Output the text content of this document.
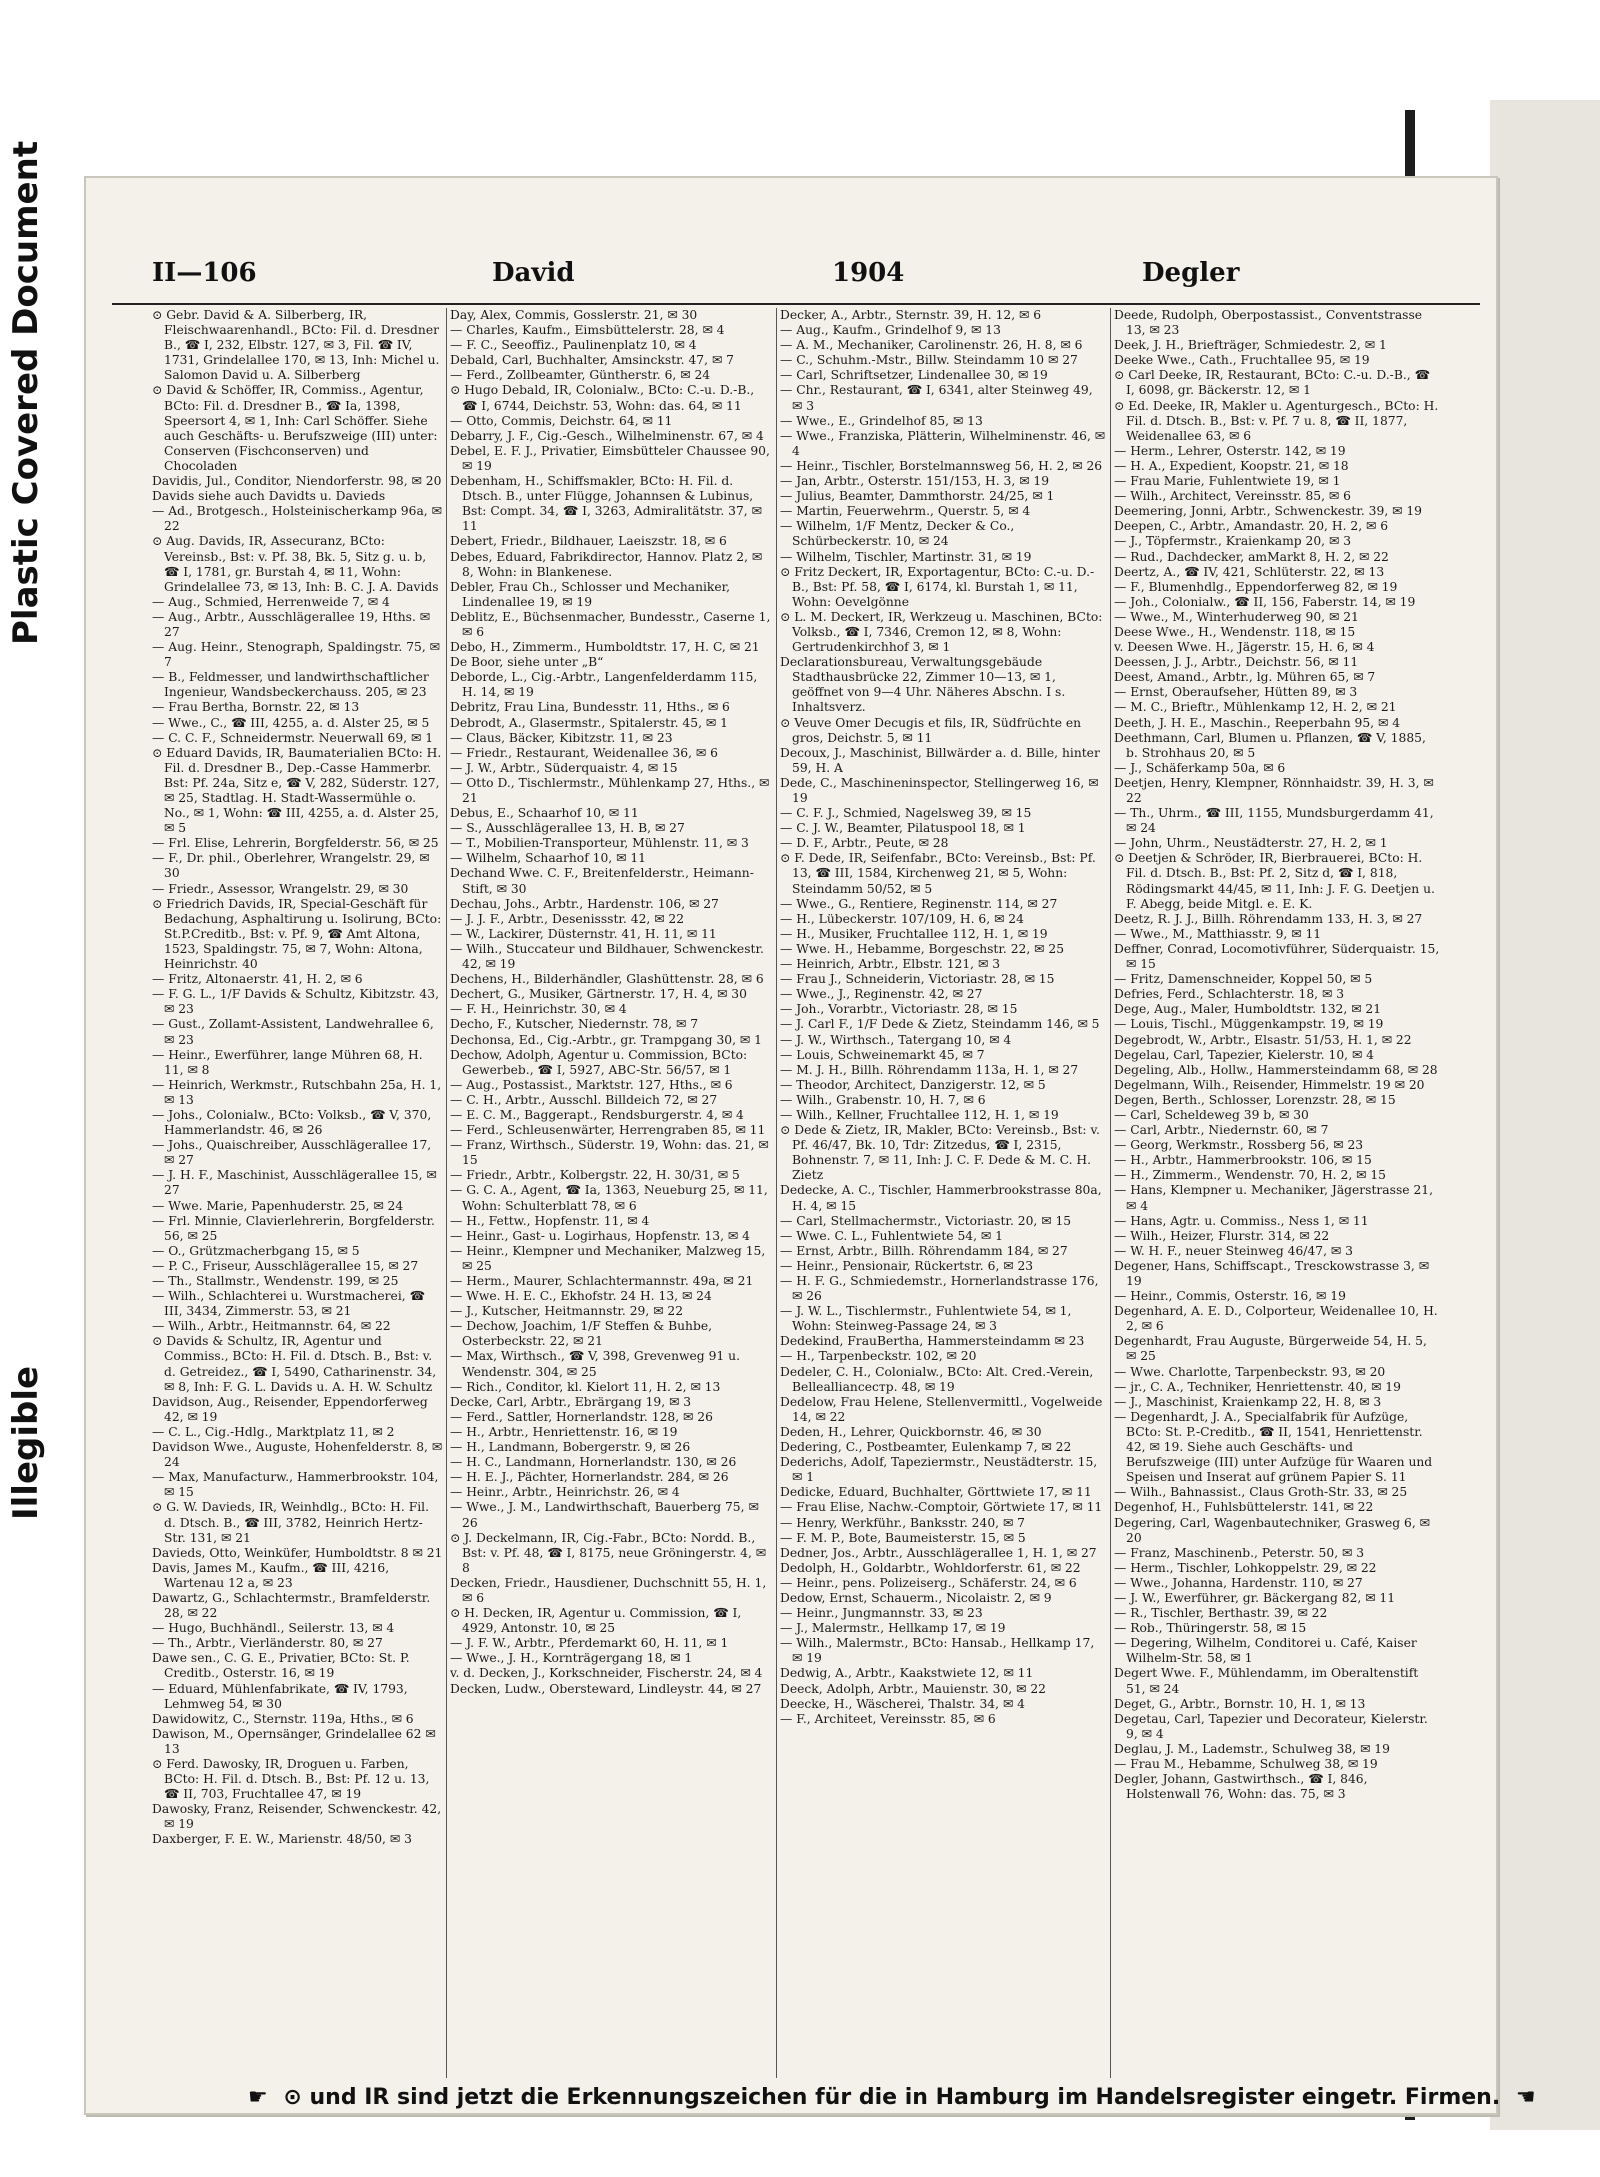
Plastic Covered Document
Illegible
II—106	David	1904	Degler

⊙ Gebr. David & A. Silberberg, IR, Fleischwaarenhandl., BCto: Fil. d. Dresdner B., ☎ I, 232, Elbstr. 127, ✉ 3, Fil. ☎ IV, 1731, Grindelallee 170, ✉ 13, Inh: Michel u. Salomon David u. A. Silberberg

⊙ David & Schöffer, IR, Commiss., Agentur, BCto: Fil. d. Dresdner B., ☎ Ia, 1398, Speersort 4, ✉ 1, Inh: Carl Schöffer. Siehe auch Geschäfts- u. Berufszweige (III) unter: Conserven (Fischconserven) und Chocoladen

Davidis, Jul., Conditor, Niendorferstr. 98, ✉ 20

Davids siehe auch Davidts u. Davieds

— Ad., Brotgesch., Holsteinischerkamp 96a, ✉ 22

⊙ Aug. Davids, IR, Assecuranz, BCto: Vereinsb., Bst: v. Pf. 38, Bk. 5, Sitz g. u. b, ☎ I, 1781, gr. Burstah 4, ✉ 11, Wohn: Grindelallee 73, ✉ 13, Inh: B. C. J. A. Davids

— Aug., Schmied, Herrenweide 7, ✉ 4

— Aug., Arbtr., Ausschlägerallee 19, Hths. ✉ 27

— Aug. Heinr., Stenograph, Spaldingstr. 75, ✉ 7

— B., Feldmesser, und landwirthschaftlicher Ingenieur, Wandsbeckerchauss. 205, ✉ 23

— Frau Bertha, Bornstr. 22, ✉ 13

— Wwe., C., ☎ III, 4255, a. d. Alster 25, ✉ 5

— C. C. F., Schneidermstr. Neuerwall 69, ✉ 1

⊙ Eduard Davids, IR, Baumaterialien BCto: H. Fil. d. Dresdner B., Dep.-Casse Hammerbr. Bst: Pf. 24a, Sitz e, ☎ V, 282, Süderstr. 127, ✉ 25, Stadtlag. H. Stadt-Wassermühle o. No., ✉ 1, Wohn: ☎ III, 4255, a. d. Alster 25, ✉ 5

— Frl. Elise, Lehrerin, Borgfelderstr. 56, ✉ 25

— F., Dr. phil., Oberlehrer, Wrangelstr. 29, ✉ 30

— Friedr., Assessor, Wrangelstr. 29, ✉ 30

⊙ Friedrich Davids, IR, Special-Geschäft für Bedachung, Asphaltirung u. Isolirung, BCto: St.P.Creditb., Bst: v. Pf. 9, ☎ Amt Altona, 1523, Spaldingstr. 75, ✉ 7, Wohn: Altona, Heinrichstr. 40

— Fritz, Altonaerstr. 41, H. 2, ✉ 6

— F. G. L., 1/F Davids & Schultz, Kibitzstr. 43, ✉ 23

— Gust., Zollamt-Assistent, Landwehrallee 6, ✉ 23

— Heinr., Ewerführer, lange Mühren 68, H. 11, ✉ 8

— Heinrich, Werkmstr., Rutschbahn 25a, H. 1, ✉ 13

— Johs., Colonialw., BCto: Volksb., ☎ V, 370, Hammerlandstr. 46, ✉ 26

— Johs., Quaischreiber, Ausschlägerallee 17, ✉ 27

— J. H. F., Maschinist, Ausschlägerallee 15, ✉ 27

— Wwe. Marie, Papenhuderstr. 25, ✉ 24

— Frl. Minnie, Clavierlehrerin, Borgfelderstr. 56, ✉ 25

— O., Grützmacherbgang 15, ✉ 5

— P. C., Friseur, Ausschlägerallee 15, ✉ 27

— Th., Stallmstr., Wendenstr. 199, ✉ 25

— Wilh., Schlachterei u. Wurstmacherei, ☎ III, 3434, Zimmerstr. 53, ✉ 21

— Wilh., Arbtr., Heitmannstr. 64, ✉ 22

⊙ Davids & Schultz, IR, Agentur und Commiss., BCto: H. Fil. d. Dtsch. B., Bst: v. d. Getreidez., ☎ I, 5490, Catharinenstr. 34, ✉ 8, Inh: F. G. L. Davids u. A. H. W. Schultz

Davidson, Aug., Reisender, Eppendorferweg 42, ✉ 19

— C. L., Cig.-Hdlg., Marktplatz 11, ✉ 2

Davidson Wwe., Auguste, Hohenfelderstr. 8, ✉ 24

— Max, Manufacturw., Hammerbrookstr. 104, ✉ 15

⊙ G. W. Davieds, IR, Weinhdlg., BCto: H. Fil. d. Dtsch. B., ☎ III, 3782, Heinrich Hertz-Str. 131, ✉ 21

Davieds, Otto, Weinküfer, Humboldtstr. 8 ✉ 21

Davis, James M., Kaufm., ☎ III, 4216, Wartenau 12 a, ✉ 23

Dawartz, G., Schlachtermstr., Bramfelderstr. 28, ✉ 22

— Hugo, Buchhändl., Seilerstr. 13, ✉ 4

— Th., Arbtr., Vierländerstr. 80, ✉ 27

Dawe sen., C. G. E., Privatier, BCto: St. P. Creditb., Osterstr. 16, ✉ 19

— Eduard, Mühlenfabrikate, ☎ IV, 1793, Lehmweg 54, ✉ 30

Dawidowitz, C., Sternstr. 119a, Hths., ✉ 6

Dawison, M., Opernsänger, Grindelallee 62 ✉ 13

⊙ Ferd. Dawosky, IR, Droguen u. Farben, BCto: H. Fil. d. Dtsch. B., Bst: Pf. 12 u. 13, ☎ II, 703, Fruchtallee 47, ✉ 19

Dawosky, Franz, Reisender, Schwenckestr. 42, ✉ 19

Daxberger, F. E. W., Marienstr. 48/50, ✉ 3

Day, Alex, Commis, Gosslerstr. 21, ✉ 30

— Charles, Kaufm., Eimsbüttelerstr. 28, ✉ 4

— F. C., Seeoffiz., Paulinenplatz 10, ✉ 4

Debald, Carl, Buchhalter, Amsinckstr. 47, ✉ 7

— Ferd., Zollbeamter, Güntherstr. 6, ✉ 24

⊙ Hugo Debald, IR, Colonialw., BCto: C.-u. D.-B., ☎ I, 6744, Deichstr. 53, Wohn: das. 64, ✉ 11

— Otto, Commis, Deichstr. 64, ✉ 11

Debarry, J. F., Cig.-Gesch., Wilhelminenstr. 67, ✉ 4

Debel, E. F. J., Privatier, Eimsbütteler Chaussee 90, ✉ 19

Debenham, H., Schiffsmakler, BCto: H. Fil. d. Dtsch. B., unter Flügge, Johannsen & Lubinus, Bst: Compt. 34, ☎ I, 3263, Admiralitätstr. 37, ✉ 11

Debert, Friedr., Bildhauer, Laeiszstr. 18, ✉ 6

Debes, Eduard, Fabrikdirector, Hannov. Platz 2, ✉ 8, Wohn: in Blankenese.

Debler, Frau Ch., Schlosser und Mechaniker, Lindenallee 19, ✉ 19

Deblitz, E., Büchsenmacher, Bundesstr., Caserne 1, ✉ 6

Debo, H., Zimmerm., Humboldtstr. 17, H. C, ✉ 21

De Boor, siehe unter „B“

Deborde, L., Cig.-Arbtr., Langenfelderdamm 115, H. 14, ✉ 19

Debritz, Frau Lina, Bundesstr. 11, Hths., ✉ 6

Debrodt, A., Glasermstr., Spitalerstr. 45, ✉ 1

— Claus, Bäcker, Kibitzstr. 11, ✉ 23

— Friedr., Restaurant, Weidenallee 36, ✉ 6

— J. W., Arbtr., Süderquaistr. 4, ✉ 15

— Otto D., Tischlermstr., Mühlenkamp 27, Hths., ✉ 21

Debus, E., Schaarhof 10, ✉ 11

— S., Ausschlägerallee 13, H. B, ✉ 27

— T., Mobilien-Transporteur, Mühlenstr. 11, ✉ 3

— Wilhelm, Schaarhof 10, ✉ 11

Dechand Wwe. C. F., Breitenfelderstr., Heimann-Stift, ✉ 30

Dechau, Johs., Arbtr., Hardenstr. 106, ✉ 27

— J. J. F., Arbtr., Desenissstr. 42, ✉ 22

— W., Lackirer, Düsternstr. 41, H. 11, ✉ 11

— Wilh., Stuccateur und Bildhauer, Schwenckestr. 42, ✉ 19

Dechens, H., Bilderhändler, Glashüttenstr. 28, ✉ 6

Dechert, G., Musiker, Gärtnerstr. 17, H. 4, ✉ 30

— F. H., Heinrichstr. 30, ✉ 4

Decho, F., Kutscher, Niedernstr. 78, ✉ 7

Dechonsa, Ed., Cig.-Arbtr., gr. Trampgang 30, ✉ 1

Dechow, Adolph, Agentur u. Commission, BCto: Gewerbeb., ☎ I, 5927, ABC-Str. 56/57, ✉ 1

— Aug., Postassist., Marktstr. 127, Hths., ✉ 6

— C. H., Arbtr., Ausschl. Billdeich 72, ✉ 27

— E. C. M., Baggerapt., Rendsburgerstr. 4, ✉ 4

— Ferd., Schleusenwärter, Herrengraben 85, ✉ 11

— Franz, Wirthsch., Süderstr. 19, Wohn: das. 21, ✉ 15

— Friedr., Arbtr., Kolbergstr. 22, H. 30/31, ✉ 5

— G. C. A., Agent, ☎ Ia, 1363, Neueburg 25, ✉ 11, Wohn: Schulterblatt 78, ✉ 6

— H., Fettw., Hopfenstr. 11, ✉ 4

— Heinr., Gast- u. Logirhaus, Hopfenstr. 13, ✉ 4

— Heinr., Klempner und Mechaniker, Malzweg 15, ✉ 25

— Herm., Maurer, Schlachtermannstr. 49a, ✉ 21

— Wwe. H. E. C., Ekhofstr. 24 H. 13, ✉ 24

— J., Kutscher, Heitmannstr. 29, ✉ 22

— Dechow, Joachim, 1/F Steffen & Buhbe, Osterbeckstr. 22, ✉ 21

— Max, Wirthsch., ☎ V, 398, Grevenweg 91 u. Wendenstr. 304, ✉ 25

— Rich., Conditor, kl. Kielort 11, H. 2, ✉ 13

Decke, Carl, Arbtr., Ebrärgang 19, ✉ 3

— Ferd., Sattler, Hornerlandstr. 128, ✉ 26

— H., Arbtr., Henriettenstr. 16, ✉ 19

— H., Landmann, Bobergerstr. 9, ✉ 26

— H. C., Landmann, Hornerlandstr. 130, ✉ 26

— H. E. J., Pächter, Hornerlandstr. 284, ✉ 26

— Heinr., Arbtr., Heinrichstr. 26, ✉ 4

— Wwe., J. M., Landwirthschaft, Bauerberg 75, ✉ 26

⊙ J. Deckelmann, IR, Cig.-Fabr., BCto: Nordd. B., Bst: v. Pf. 48, ☎ I, 8175, neue Gröningerstr. 4, ✉ 8

Decken, Friedr., Hausdiener, Duchschnitt 55, H. 1, ✉ 6

⊙ H. Decken, IR, Agentur u. Commission, ☎ I, 4929, Antonstr. 10, ✉ 25

— J. F. W., Arbtr., Pferdemarkt 60, H. 11, ✉ 1

— Wwe., J. H., Kornträgergang 18, ✉ 1

v. d. Decken, J., Korkschneider, Fischerstr. 24, ✉ 4

Decken, Ludw., Obersteward, Lindleystr. 44, ✉ 27

Decker, A., Arbtr., Sternstr. 39, H. 12, ✉ 6

— Aug., Kaufm., Grindelhof 9, ✉ 13

— A. M., Mechaniker, Carolinenstr. 26, H. 8, ✉ 6

— C., Schuhm.-Mstr., Billw. Steindamm 10 ✉ 27

— Carl, Schriftsetzer, Lindenallee 30, ✉ 19

— Chr., Restaurant, ☎ I, 6341, alter Steinweg 49, ✉ 3

— Wwe., E., Grindelhof 85, ✉ 13

— Wwe., Franziska, Plätterin, Wilhelminenstr. 46, ✉ 4

— Heinr., Tischler, Borstelmannsweg 56, H. 2, ✉ 26

— Jan, Arbtr., Osterstr. 151/153, H. 3, ✉ 19

— Julius, Beamter, Dammthorstr. 24/25, ✉ 1

— Martin, Feuerwehrm., Querstr. 5, ✉ 4

— Wilhelm, 1/F Mentz, Decker & Co., Schürbeckerstr. 10, ✉ 24

— Wilhelm, Tischler, Martinstr. 31, ✉ 19

⊙ Fritz Deckert, IR, Exportagentur, BCto: C.-u. D.-B., Bst: Pf. 58, ☎ I, 6174, kl. Burstah 1, ✉ 11, Wohn: Oevelgönne

⊙ L. M. Deckert, IR, Werkzeug u. Maschinen, BCto: Volksb., ☎ I, 7346, Cremon 12, ✉ 8, Wohn: Gertrudenkirchhof 3, ✉ 1

Declarationsbureau, Verwaltungsgebäude Stadthausbrücke 22, Zimmer 10—13, ✉ 1, geöffnet von 9—4 Uhr. Näheres Abschn. I s. Inhaltsverz.

⊙ Veuve Omer Decugis et fils, IR, Südfrüchte en gros, Deichstr. 5, ✉ 11

Decoux, J., Maschinist, Billwärder a. d. Bille, hinter 59, H. A

Dede, C., Maschineninspector, Stellingerweg 16, ✉ 19

— C. F. J., Schmied, Nagelsweg 39, ✉ 15

— C. J. W., Beamter, Pilatuspool 18, ✉ 1

— D. F., Arbtr., Peute, ✉ 28

⊙ F. Dede, IR, Seifenfabr., BCto: Vereinsb., Bst: Pf. 13, ☎ III, 1584, Kirchenweg 21, ✉ 5, Wohn: Steindamm 50/52, ✉ 5

— Wwe., G., Rentiere, Reginenstr. 114, ✉ 27

— H., Lübeckerstr. 107/109, H. 6, ✉ 24

— H., Musiker, Fruchtallee 112, H. 1, ✉ 19

— Wwe. H., Hebamme, Borgeschstr. 22, ✉ 25

— Heinrich, Arbtr., Elbstr. 121, ✉ 3

— Frau J., Schneiderin, Victoriastr. 28, ✉ 15

— Wwe., J., Reginenstr. 42, ✉ 27

— Joh., Vorarbtr., Victoriastr. 28, ✉ 15

— J. Carl F., 1/F Dede & Zietz, Steindamm 146, ✉ 5

— J. W., Wirthsch., Tatergang 10, ✉ 4

— Louis, Schweinemarkt 45, ✉ 7

— M. J. H., Billh. Röhrendamm 113a, H. 1, ✉ 27

— Theodor, Architect, Danzigerstr. 12, ✉ 5

— Wilh., Grabenstr. 10, H. 7, ✉ 6

— Wilh., Kellner, Fruchtallee 112, H. 1, ✉ 19

⊙ Dede & Zietz, IR, Makler, BCto: Vereinsb., Bst: v. Pf. 46/47, Bk. 10, Tdr: Zitzedus, ☎ I, 2315, Bohnenstr. 7, ✉ 11, Inh: J. C. F. Dede & M. C. H. Zietz

Dedecke, A. C., Tischler, Hammerbrookstrasse 80a, H. 4, ✉ 15

— Carl, Stellmachermstr., Victoriastr. 20, ✉ 15

— Wwe. C. L., Fuhlentwiete 54, ✉ 1

— Ernst, Arbtr., Billh. Röhrendamm 184, ✉ 27

— Heinr., Pensionair, Rückertstr. 6, ✉ 23

— H. F. G., Schmiedemstr., Hornerlandstrasse 176, ✉ 26

— J. W. L., Tischlermstr., Fuhlentwiete 54, ✉ 1, Wohn: Steinweg-Passage 24, ✉ 3

Dedekind, FrauBertha, Hammersteindamm ✉ 23

— H., Tarpenbeckstr. 102, ✉ 20

Dedeler, C. H., Colonialw., BCto: Alt. Cred.-Verein, Belleallianceстр. 48, ✉ 19

Dedelow, Frau Helene, Stellenvermittl., Vogelweide 14, ✉ 22

Deden, H., Lehrer, Quickbornstr. 46, ✉ 30

Dedering, C., Postbeamter, Eulenkamp 7, ✉ 22

Dederichs, Adolf, Tapeziermstr., Neustädterstr. 15, ✉ 1

Dedicke, Eduard, Buchhalter, Görttwiete 17, ✉ 11

— Frau Elise, Nachw.-Comptoir, Görtwiete 17, ✉ 11

— Henry, Werkführ., Banksstr. 240, ✉ 7

— F. M. P., Bote, Baumeisterstr. 15, ✉ 5

Dedner, Jos., Arbtr., Ausschlägerallee 1, H. 1, ✉ 27

Dedolph, H., Goldarbtr., Wohldorferstr. 61, ✉ 22

— Heinr., pens. Polizeiserg., Schäferstr. 24, ✉ 6

Dedow, Ernst, Schauerm., Nicolaistr. 2, ✉ 9

— Heinr., Jungmannstr. 33, ✉ 23

— J., Malermstr., Hellkamp 17, ✉ 19

— Wilh., Malermstr., BCto: Hansab., Hellkamp 17, ✉ 19

Dedwig, A., Arbtr., Kaakstwiete 12, ✉ 11

Deeck, Adolph, Arbtr., Mauienstr. 30, ✉ 22

Deecke, H., Wäscherei, Thalstr. 34, ✉ 4

— F., Architeet, Vereinsstr. 85, ✉ 6

Deede, Rudolph, Oberpostassist., Conventstrasse 13, ✉ 23

Deek, J. H., Briefträger, Schmiedestr. 2, ✉ 1

Deeke Wwe., Cath., Fruchtallee 95, ✉ 19

⊙ Carl Deeke, IR, Restaurant, BCto: C.-u. D.-B., ☎ I, 6098, gr. Bäckerstr. 12, ✉ 1

⊙ Ed. Deeke, IR, Makler u. Agenturgesch., BCto: H. Fil. d. Dtsch. B., Bst: v. Pf. 7 u. 8, ☎ II, 1877, Weidenallee 63, ✉ 6

— Herm., Lehrer, Osterstr. 142, ✉ 19

— H. A., Expedient, Koopstr. 21, ✉ 18

— Frau Marie, Fuhlentwiete 19, ✉ 1

— Wilh., Architect, Vereinsstr. 85, ✉ 6

Deemering, Jonni, Arbtr., Schwenckestr. 39, ✉ 19

Deepen, C., Arbtr., Amandastr. 20, H. 2, ✉ 6

— J., Töpfermstr., Kraienkamp 20, ✉ 3

— Rud., Dachdecker, amMarkt 8, H. 2, ✉ 22

Deertz, A., ☎ IV, 421, Schlüterstr. 22, ✉ 13

— F., Blumenhdlg., Eppendorferweg 82, ✉ 19

— Joh., Colonialw., ☎ II, 156, Faberstr. 14, ✉ 19

— Wwe., M., Winterhuderweg 90, ✉ 21

Deese Wwe., H., Wendenstr. 118, ✉ 15

v. Deesen Wwe. H., Jägerstr. 15, H. 6, ✉ 4

Deessen, J. J., Arbtr., Deichstr. 56, ✉ 11

Deest, Amand., Arbtr., lg. Mühren 65, ✉ 7

— Ernst, Oberaufseher, Hütten 89, ✉ 3

— M. C., Brieftr., Mühlenkamp 12, H. 2, ✉ 21

Deeth, J. H. E., Maschin., Reeperbahn 95, ✉ 4

Deethmann, Carl, Blumen u. Pflanzen, ☎ V, 1885, b. Strohhaus 20, ✉ 5

— J., Schäferkamp 50a, ✉ 6

Deetjen, Henry, Klempner, Rönnhaidstr. 39, H. 3, ✉ 22

— Th., Uhrm., ☎ III, 1155, Mundsburgerdamm 41, ✉ 24

— John, Uhrm., Neustädterstr. 27, H. 2, ✉ 1

⊙ Deetjen & Schröder, IR, Bierbrauerei, BCto: H. Fil. d. Dtsch. B., Bst: Pf. 2, Sitz d, ☎ I, 818, Rödingsmarkt 44/45, ✉ 11, Inh: J. F. G. Deetjen u. F. Abegg, beide Mitgl. e. E. K.

Deetz, R. J. J., Billh. Röhrendamm 133, H. 3, ✉ 27

— Wwe., M., Matthiasstr. 9, ✉ 11

Deffner, Conrad, Locomotivführer, Süderquaistr. 15, ✉ 15

— Fritz, Damenschneider, Koppel 50, ✉ 5

Defries, Ferd., Schlachterstr. 18, ✉ 3

Dege, Aug., Maler, Humboldtstr. 132, ✉ 21

— Louis, Tischl., Müggenkampstr. 19, ✉ 19

Degebrodt, W., Arbtr., Elsastr. 51/53, H. 1, ✉ 22

Degelau, Carl, Tapezier, Kielerstr. 10, ✉ 4

Degeling, Alb., Hollw., Hammersteindamm 68, ✉ 28

Degelmann, Wilh., Reisender, Himmelstr. 19 ✉ 20

Degen, Berth., Schlosser, Lorenzstr. 28, ✉ 15

— Carl, Scheldeweg 39 b, ✉ 30

— Carl, Arbtr., Niedernstr. 60, ✉ 7

— Georg, Werkmstr., Rossberg 56, ✉ 23

— H., Arbtr., Hammerbrookstr. 106, ✉ 15

— H., Zimmerm., Wendenstr. 70, H. 2, ✉ 15

— Hans, Klempner u. Mechaniker, Jägerstrasse 21, ✉ 4

— Hans, Agtr. u. Commiss., Ness 1, ✉ 11

— Wilh., Heizer, Flurstr. 314, ✉ 22

— W. H. F., neuer Steinweg 46/47, ✉ 3

Degener, Hans, Schiffscapt., Tresckowstrasse 3, ✉ 19

— Heinr., Commis, Osterstr. 16, ✉ 19

Degenhard, A. E. D., Colporteur, Weidenallee 10, H. 2, ✉ 6

Degenhardt, Frau Auguste, Bürgerweide 54, H. 5, ✉ 25

— Wwe. Charlotte, Tarpenbeckstr. 93, ✉ 20

— jr., C. A., Techniker, Henriettenstr. 40, ✉ 19

— J., Maschinist, Kraienkamp 22, H. 8, ✉ 3

— Degenhardt, J. A., Specialfabrik für Aufzüge, BCto: St. P.-Creditb., ☎ II, 1541, Henriettenstr. 42, ✉ 19. Siehe auch Geschäfts- und Berufszweige (III) unter Aufzüge für Waaren und Speisen und Inserat auf grünem Papier S. 11

— Wilh., Bahnassist., Claus Groth-Str. 33, ✉ 25

Degenhof, H., Fuhlsbüttelerstr. 141, ✉ 22

Degering, Carl, Wagenbautechniker, Grasweg 6, ✉ 20

— Franz, Maschinenb., Peterstr. 50, ✉ 3

— Herm., Tischler, Lohkoppelstr. 29, ✉ 22

— Wwe., Johanna, Hardenstr. 110, ✉ 27

— J. W., Ewerführer, gr. Bäckergang 82, ✉ 11

— R., Tischler, Berthastr. 39, ✉ 22

— Rob., Thüringerstr. 58, ✉ 15

— Degering, Wilhelm, Conditorei u. Café, Kaiser Wilhelm-Str. 58, ✉ 1

Degert Wwe. F., Mühlendamm, im Oberaltenstift 51, ✉ 24

Deget, G., Arbtr., Bornstr. 10, H. 1, ✉ 13

Degetau, Carl, Tapezier und Decorateur, Kielerstr. 9, ✉ 4

Deglau, J. M., Lademstr., Schulweg 38, ✉ 19

— Frau M., Hebamme, Schulweg 38, ✉ 19

Degler, Johann, Gastwirthsch., ☎ I, 846, Holstenwall 76, Wohn: das. 75, ✉ 3

☛ ⊙ und IR sind jetzt die Erkennungszeichen für die in Hamburg im Handelsregister eingetr. Firmen. ☚
